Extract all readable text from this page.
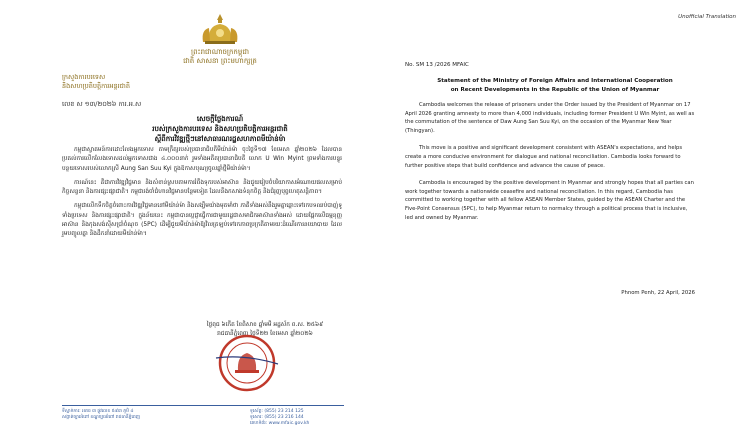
ព្រះរាជាណាចក្រកម្ពុជា
ជាតិ សាសនា ព្រះមហាក្សត្រ
ក្រសួងការបរទេស
និងសហប្រតិបត្តិការអន្តរជាតិ
លេខ ស ១៣/២០២៦ ការ.អ.ស
សេចក្តីថ្លែងការណ៍
របស់ក្រសួងការបរទេស និងសហប្រតិបត្តិការអន្តរជាតិ
ស្តីពីការវិវឌ្ឍថ្មីៗនៅសាធារណរដ្ឋសហភាពមីយ៉ាន់ម៉ា

កម្ពុជាស្វាគមន៍ការដោះលែងអ្នកទោស តាមក្រឹត្យរបស់ប្រធានាធិបតីមីយ៉ាន់ម៉ា ចុះថ្ងៃទី១៧ ខែមេសា ឆ្នាំ២០២៦ ដែលបានប្រគល់ការលើកលែងទោសដល់អ្នកទោសជាង ៤.០០០នាក់ រួមទាំងអតីតប្រធានាធិបតី លោក U Win Myint ព្រមទាំងការបន្ធូរបន្ថយទោសរបស់លោកស្រី Aung San Suu Kyi ក្នុងឱកាសបុណ្យចូលឆ្នាំថ្មីមីយ៉ាន់ម៉ា។

ការណ៍នេះ គឺជាការវិវឌ្ឍវិជ្ជមាន និងសំខាន់ស្របតាមការរំពឹងទុករបស់អាស៊ាន និងជួយរៀបចំបរិយាកាសអំណោយផលសម្រាប់កិច្ចសន្ទនា និងការផ្សះផ្សាជាតិ។ កម្ពុជារង់ចាំជំហានវិជ្ជមានបន្ថែមទៀត ដែលនឹងកសាងទំនុកចិត្ត និងជំរុញបុព្វហេតុសន្តិភាព។

កម្ពុជាលើកទឹកចិត្តចំពោះការវិវឌ្ឍវិជ្ជមាននៅមីយ៉ាន់ម៉ា និងសង្ឃឹមយ៉ាងមុតមាំថា ភាគីទាំងអស់នឹងរួមគ្នាឆ្ពោះទៅរកបទឈប់បាញ់ទូទាំងប្រទេស និងការផ្សះផ្សាជាតិ។ ក្នុងន័យនេះ កម្ពុជាបានប្តេជ្ញាធ្វើការជាមួយរដ្ឋជាសមាជិកអាស៊ានទាំងអស់ ដោយផ្អែកលើធម្មនុញ្ញអាស៊ាន និងកុងសង់ស៊ីសប្រាំចំណុច (5PC) ដើម្បីជួយមីយ៉ាន់ម៉ាឱ្យវិលត្រឡប់ទៅរកភាពប្រក្រតីតាមរយៈដំណើរការនយោបាយ ដែលរួមបញ្ចូលគ្នា និងដឹកនាំដោយមីយ៉ាន់ម៉ា។

ថ្ងៃពុធ ៦កើត ខែពិសាខ ឆ្នាំមមី អដ្ឋស័ក ព.ស. ២៥៦៩
រាជធានីភ្នំពេញ ថ្ងៃទី២២ ខែមេសា ឆ្នាំ២០២៦
ទីស្នាក់ការ: អគារ ៣ ផ្លូវលេខ ៥៩៣ ភូមិ ៤
សង្កាត់ច្បារអំពៅ ខណ្ឌច្បារអំពៅ រាជធានីភ្នំពេញ
ទូរស័ព្ទ: (855) 23 214 125
ទូរសារ: (855) 23 216 144
គេហទំព័រ: www.mfaic.gov.kh
Unofficial Translation
No. SM 13 /2026 MFAIC
Statement of the Ministry of Foreign Affairs and International Cooperation
on Recent Developments in the Republic of the Union of Myanmar

Cambodia welcomes the release of prisoners under the Order issued by the President of Myanmar on 17 April 2026 granting amnesty to more than 4,000 individuals, including former President U Win Myint, as well as the commutation of the sentence of Daw Aung San Suu Kyi, on the occasion of the Myanmar New Year (Thingyan).

This move is a positive and significant development consistent with ASEAN's expectations, and helps create a more conducive environment for dialogue and national reconciliation. Cambodia looks forward to further positive steps that build confidence and advance the cause of peace.

Cambodia is encouraged by the positive development in Myanmar and strongly hopes that all parties can work together towards a nationwide ceasefire and national reconciliation. In this regard, Cambodia has committed to working together with all fellow ASEAN Member States, guided by the ASEAN Charter and the Five-Point Consensus (5PC), to help Myanmar return to normalcy through a political process that is inclusive, led and owned by Myanmar.

Phnom Penh, 22 April, 2026
